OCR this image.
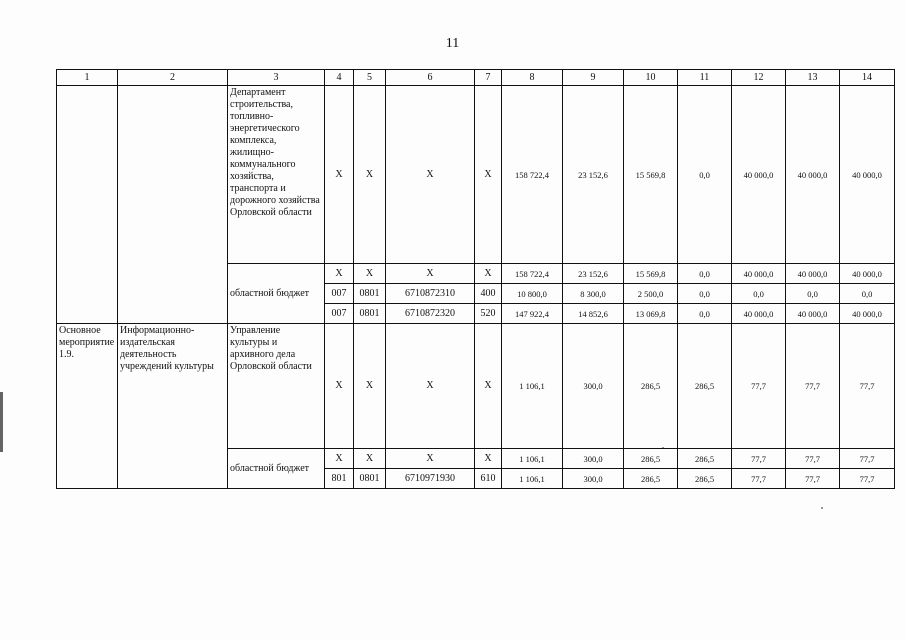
11
1	2	3	4	5	6	7	8	9	10	11	12	13	14
		Департамент строительства, топливно-энергетического комплекса, жилищно-коммунального хозяйства, транспорта и дорожного хозяйства Орловской области	Х	Х	Х	Х	158 722,4	23 152,6	15 569,8	0,0	40 000,0	40 000,0	40 000,0
		областной бюджет	Х	Х	Х	Х	158 722,4	23 152,6	15 569,8	0,0	40 000,0	40 000,0	40 000,0
			007	0801	6710872310	400	10 800,0	8 300,0	2 500,0	0,0	0,0	0,0	0,0
			007	0801	6710872320	520	147 922,4	14 852,6	13 069,8	0,0	40 000,0	40 000,0	40 000,0
Основное мероприятие 1.9.	Информационно-издательская деятельность учреждений культуры	Управление культуры и архивного дела Орловской области	Х	Х	Х	Х	1 106,1	300,0	286,5	286,5	77,7	77,7	77,7
		областной бюджет	Х	Х	Х	Х	1 106,1	300,0	286,5	286,5	77,7	77,7	77,7
			801	0801	6710971930	610	1 106,1	300,0	286,5	286,5	77,7	77,7	77,7
